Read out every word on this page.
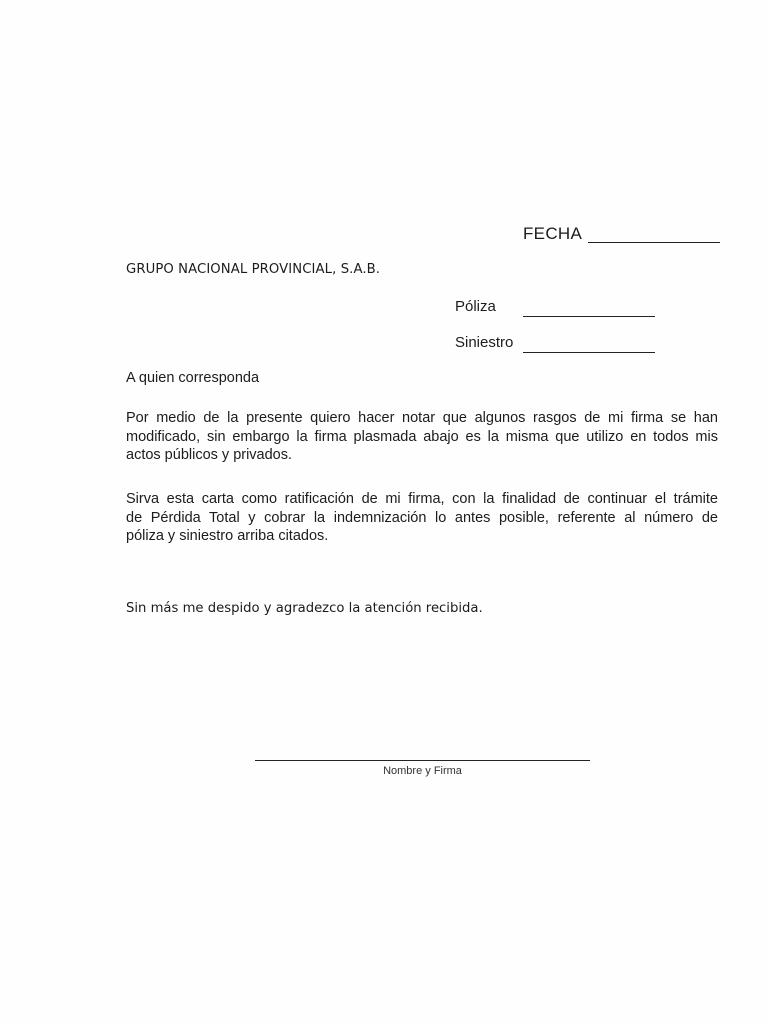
FECHA
GRUPO NACIONAL PROVINCIAL, S.A.B.
Póliza
Siniestro
A quien corresponda
Por medio de la presente quiero hacer notar que algunos rasgos de mi firma se han
modificado, sin embargo la firma plasmada abajo es la misma que utilizo en todos mis
actos públicos y privados.
Sirva esta carta como ratificación de mi firma, con la finalidad de continuar el trámite
de Pérdida Total y cobrar la indemnización lo antes posible, referente al número de
póliza y siniestro arriba citados.
Sin más me despido y agradezco la atención recibida.
Nombre y Firma
